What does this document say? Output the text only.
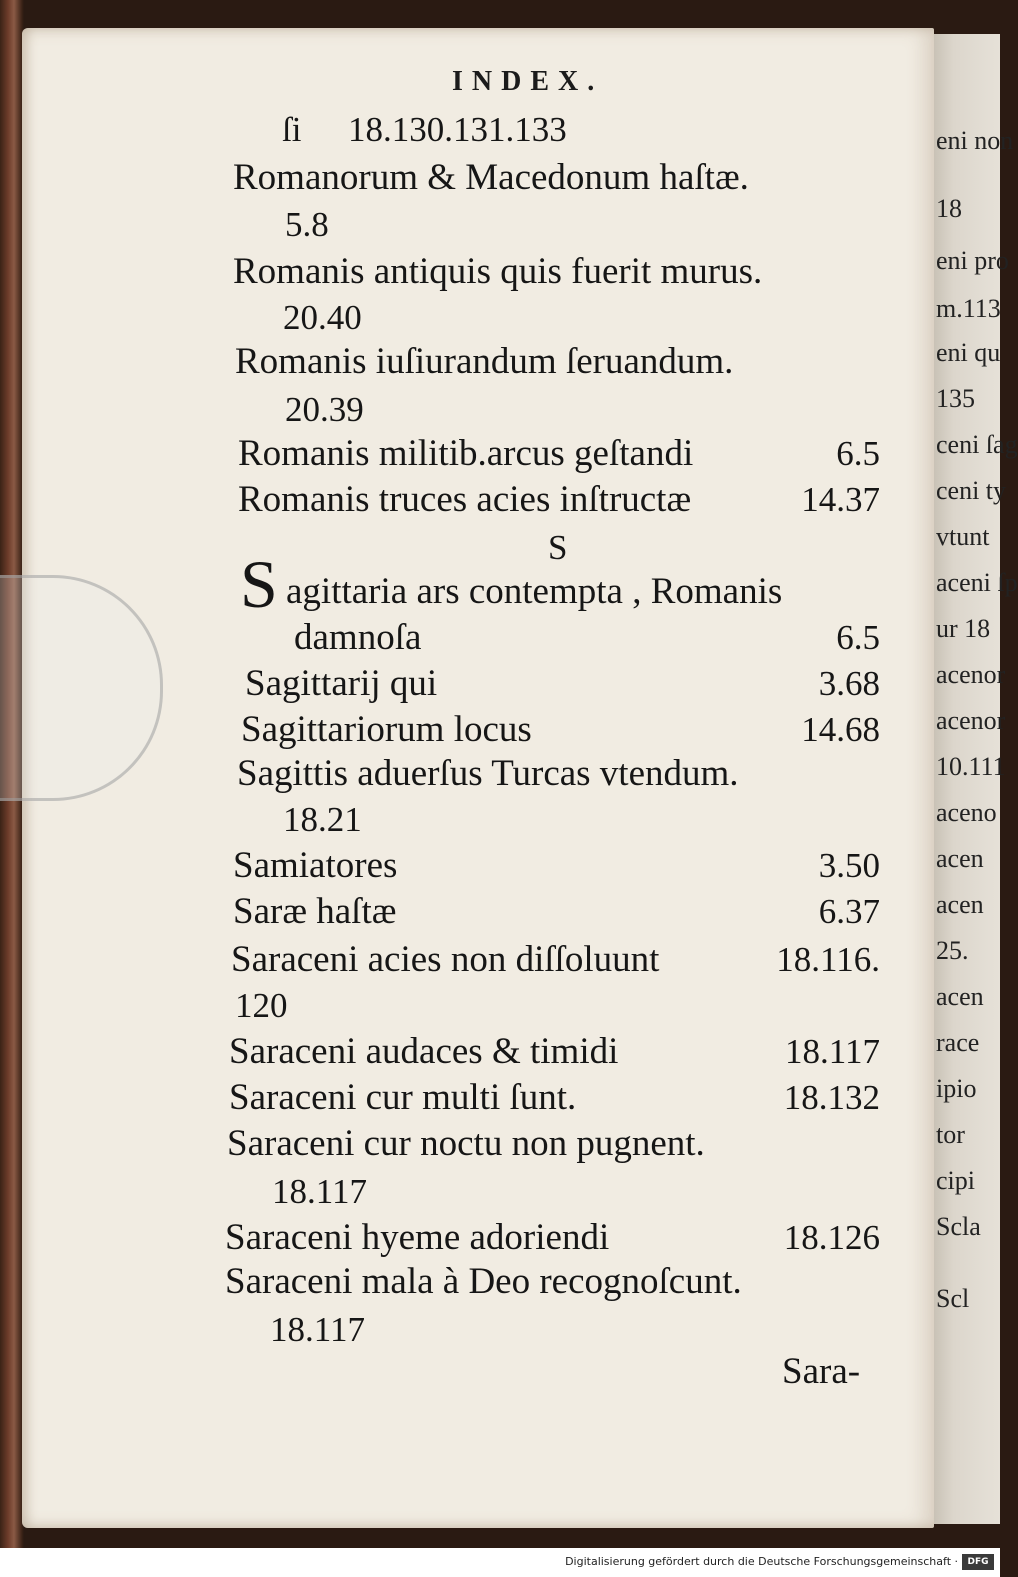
eni non
18
eni pro
m.113
eni qu
135
ceni ſag
ceni ty
vtunt
aceni ſp
ur 18
acenor
acenor
10.111
aceno
acen
acen
25.
acen
race
ipio
tor
cipi
Scla
Scl
INDEX.
ſi 18.130.131.133
Romanorum & Macedonum haſtæ.
5.8
Romanis antiquis quis fuerit murus.
20.40
Romanis iuſiurandum ſeruandum.
20.39
Romanis militib.arcus geſtandi	6.5
Romanis truces acies inſtructæ	14.37
S
S agittaria ars contempta , Romanis
damnoſa	6.5
Sagittarij qui	3.68
Sagittariorum locus	14.68
Sagittis aduerſus Turcas vtendum.
18.21
Samiatores	3.50
Saræ haſtæ	6.37
Saraceni acies non diſſoluunt	18.116.
120
Saraceni audaces & timidi	18.117
Saraceni cur multi ſunt.	18.132
Saraceni cur noctu non pugnent.
18.117
Saraceni hyeme adoriendi	18.126
Saraceni mala à Deo recognoſcunt.
18.117
Sara-
Digitalisierung gefördert durch die Deutsche Forschungsgemeinschaft ·	DFG
